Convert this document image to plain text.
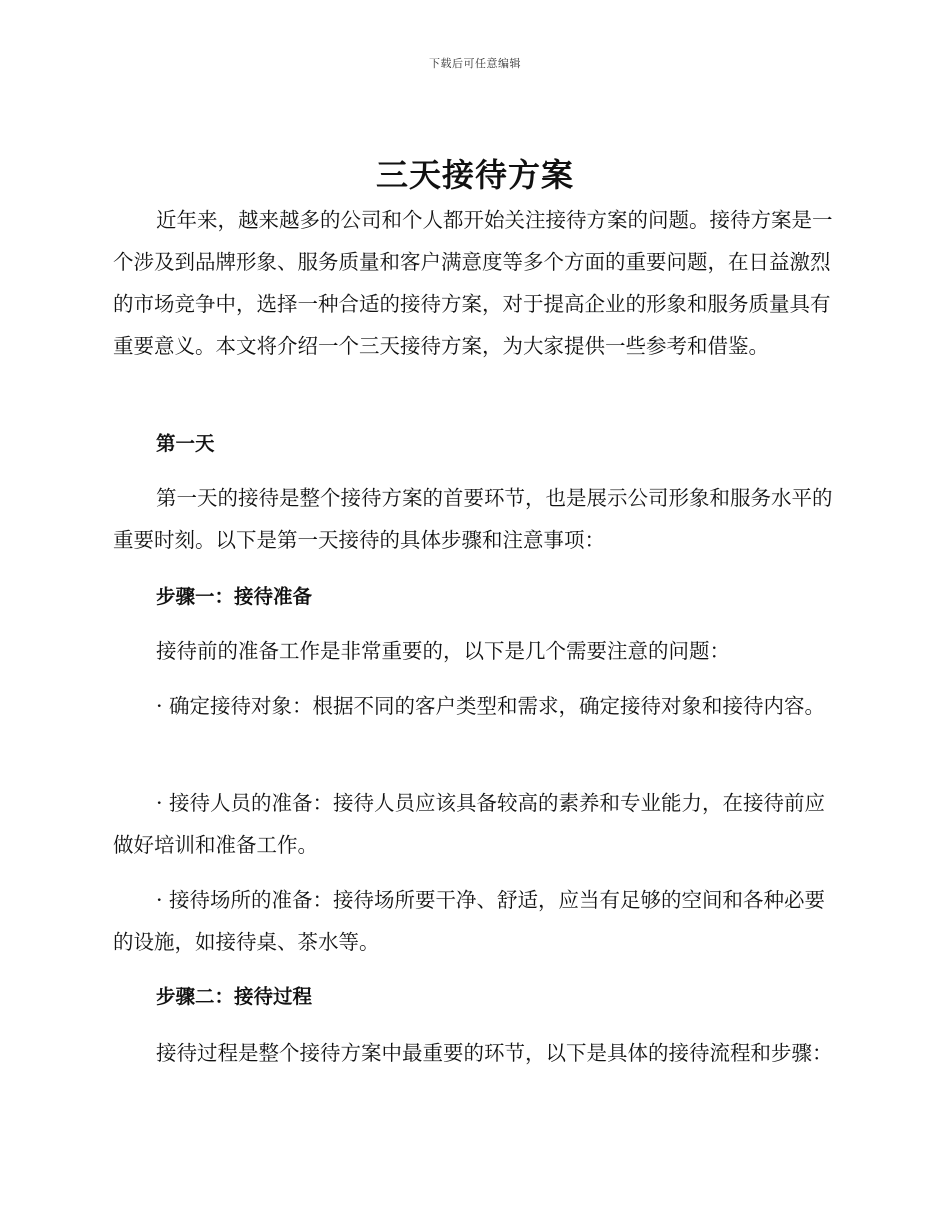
下载后可任意编辑
三天接待方案

近年来，越来越多的公司和个人都开始关注接待方案的问题。接待方案是一个涉及到品牌形象、服务质量和客户满意度等多个方面的重要问题，在日益激烈的市场竞争中，选择一种合适的接待方案，对于提高企业的形象和服务质量具有重要意义。本文将介绍一个三天接待方案，为大家提供一些参考和借鉴。

第一天

第一天的接待是整个接待方案的首要环节，也是展示公司形象和服务水平的重要时刻。以下是第一天接待的具体步骤和注意事项：

步骤一：接待准备

接待前的准备工作是非常重要的，以下是几个需要注意的问题：

· 确定接待对象：根据不同的客户类型和需求，确定接待对象和接待内容。

· 接待人员的准备：接待人员应该具备较高的素养和专业能力，在接待前应做好培训和准备工作。

· 接待场所的准备：接待场所要干净、舒适，应当有足够的空间和各种必要的设施，如接待桌、茶水等。

步骤二：接待过程

接待过程是整个接待方案中最重要的环节，以下是具体的接待流程和步骤：
